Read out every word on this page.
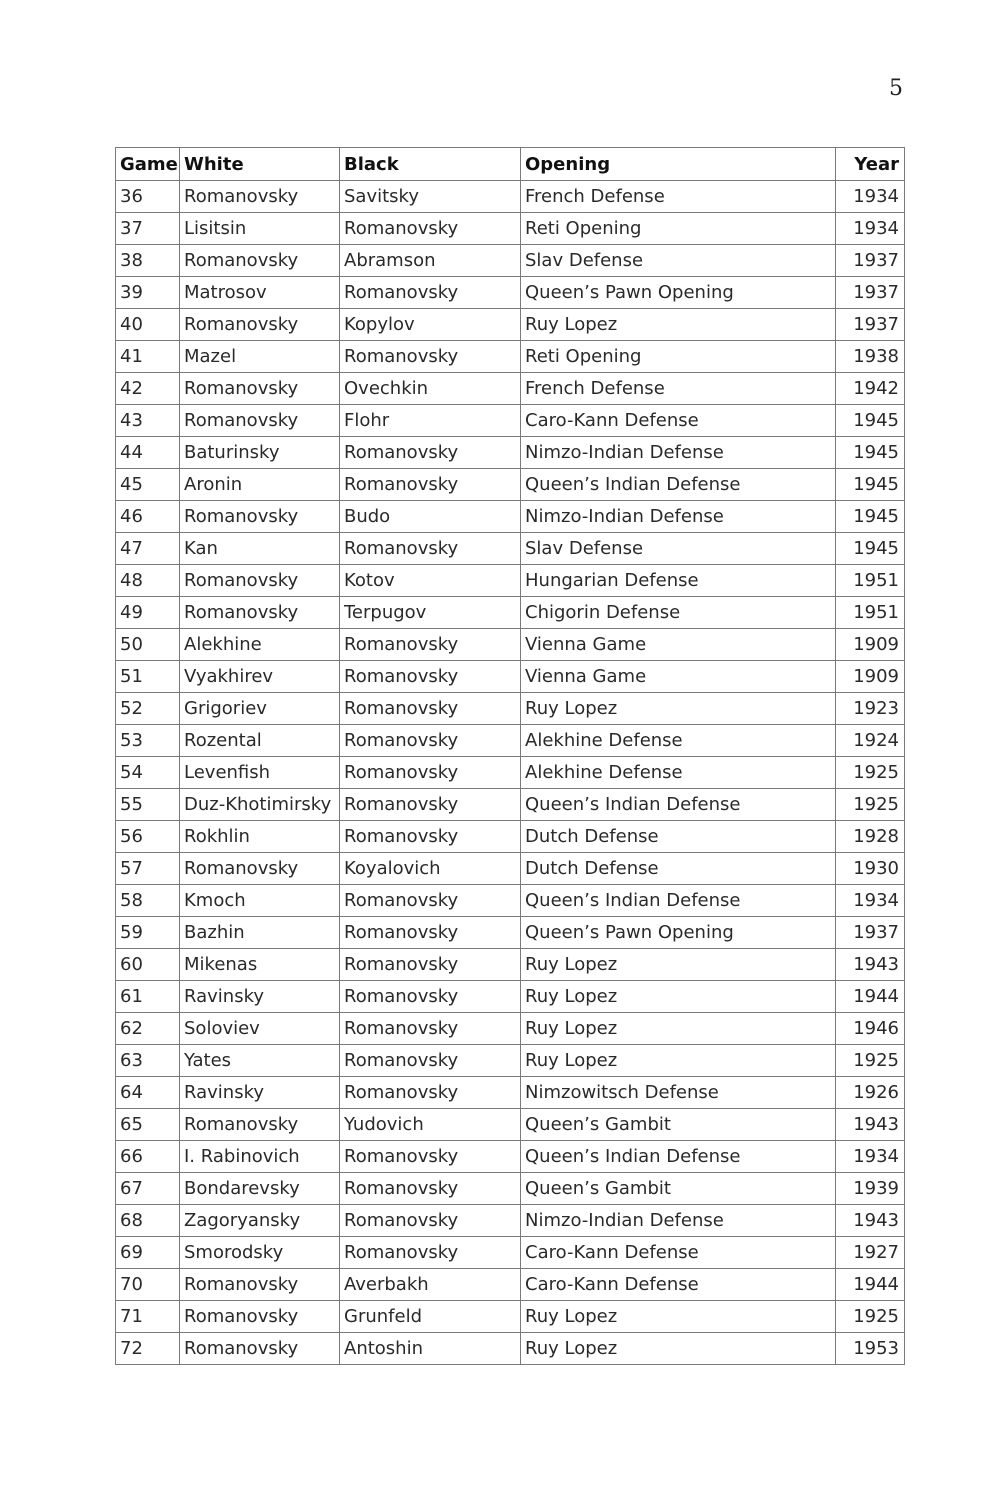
5
Game	White	Black	Opening	Year
36	Romanovsky	Savitsky	French Defense	1934
37	Lisitsin	Romanovsky	Reti Opening	1934
38	Romanovsky	Abramson	Slav Defense	1937
39	Matrosov	Romanovsky	Queen’s Pawn Opening	1937
40	Romanovsky	Kopylov	Ruy Lopez	1937
41	Mazel	Romanovsky	Reti Opening	1938
42	Romanovsky	Ovechkin	French Defense	1942
43	Romanovsky	Flohr	Caro-Kann Defense	1945
44	Baturinsky	Romanovsky	Nimzo-Indian Defense	1945
45	Aronin	Romanovsky	Queen’s Indian Defense	1945
46	Romanovsky	Budo	Nimzo-Indian Defense	1945
47	Kan	Romanovsky	Slav Defense	1945
48	Romanovsky	Kotov	Hungarian Defense	1951
49	Romanovsky	Terpugov	Chigorin Defense	1951
50	Alekhine	Romanovsky	Vienna Game	1909
51	Vyakhirev	Romanovsky	Vienna Game	1909
52	Grigoriev	Romanovsky	Ruy Lopez	1923
53	Rozental	Romanovsky	Alekhine Defense	1924
54	Levenfish	Romanovsky	Alekhine Defense	1925
55	Duz-Khotimirsky	Romanovsky	Queen’s Indian Defense	1925
56	Rokhlin	Romanovsky	Dutch Defense	1928
57	Romanovsky	Koyalovich	Dutch Defense	1930
58	Kmoch	Romanovsky	Queen’s Indian Defense	1934
59	Bazhin	Romanovsky	Queen’s Pawn Opening	1937
60	Mikenas	Romanovsky	Ruy Lopez	1943
61	Ravinsky	Romanovsky	Ruy Lopez	1944
62	Soloviev	Romanovsky	Ruy Lopez	1946
63	Yates	Romanovsky	Ruy Lopez	1925
64	Ravinsky	Romanovsky	Nimzowitsch Defense	1926
65	Romanovsky	Yudovich	Queen’s Gambit	1943
66	I. Rabinovich	Romanovsky	Queen’s Indian Defense	1934
67	Bondarevsky	Romanovsky	Queen’s Gambit	1939
68	Zagoryansky	Romanovsky	Nimzo-Indian Defense	1943
69	Smorodsky	Romanovsky	Caro-Kann Defense	1927
70	Romanovsky	Averbakh	Caro-Kann Defense	1944
71	Romanovsky	Grunfeld	Ruy Lopez	1925
72	Romanovsky	Antoshin	Ruy Lopez	1953
